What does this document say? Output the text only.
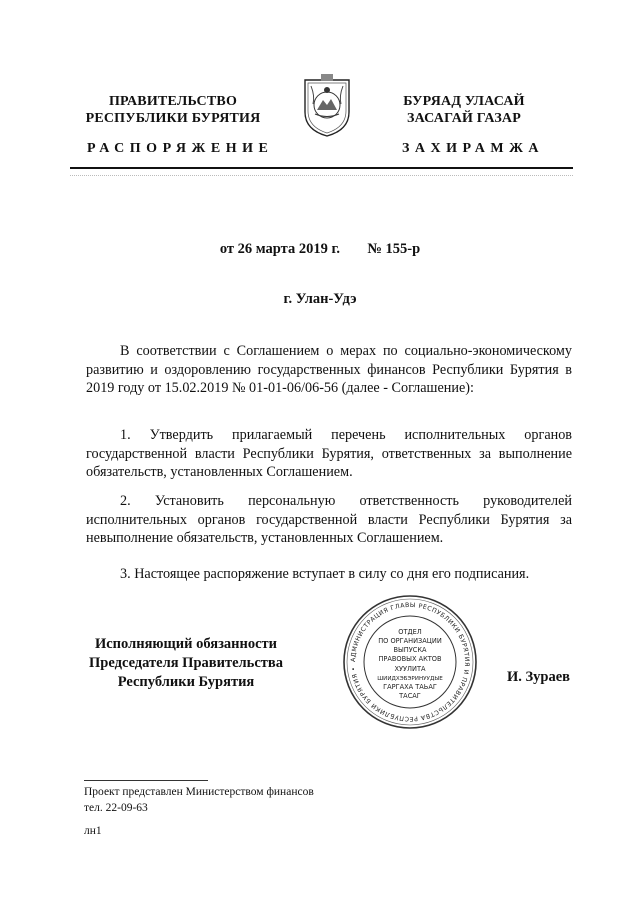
ПРАВИТЕЛЬСТВО
РЕСПУБЛИКИ БУРЯТИЯ
БУРЯАД УЛАСАЙ
ЗАСАГАЙ ГАЗАР
РАСПОРЯЖЕНИЕ	ЗАХИРАМЖА
от 26 марта 2019 г. № 155-р
г. Улан-Удэ

В соответствии с Соглашением о мерах по социально-экономическому развитию и оздоровлению государственных финансов Республики Бурятия в 2019 году от 15.02.2019 № 01-01-06/06-56 (далее - Соглашение):

1. Утвердить прилагаемый перечень исполнительных органов государственной власти Республики Бурятия, ответственных за выполнение обязательств, установленных Соглашением.

2. Установить персональную ответственность руководителей исполнительных органов государственной власти Республики Бурятия за невыполнение обязательств, установленных Соглашением.

3. Настоящее распоряжение вступает в силу со дня его подписания.

АДМИНИСТРАЦИЯ ГЛАВЫ РЕСПУБЛИКИ БУРЯТИЯ И ПРАВИТЕЛЬСТВА РЕСПУБЛИКИ БУРЯТИЯ •
ОТДЕЛ
ПО ОРГАНИЗАЦИИ
ВЫПУСКА
ПРАВОВЫХ АКТОВ
ХУУЛИТА
ШИИДХЭБЭРИНУУДЫЕ
ГАРГАХА ТАЬАГ
ТАСАГ
Исполняющий обязанности
Председателя Правительства
Республики Бурятия	И. Зураев
Проект представлен Министерством финансов
тел. 22-09-63
лн1
